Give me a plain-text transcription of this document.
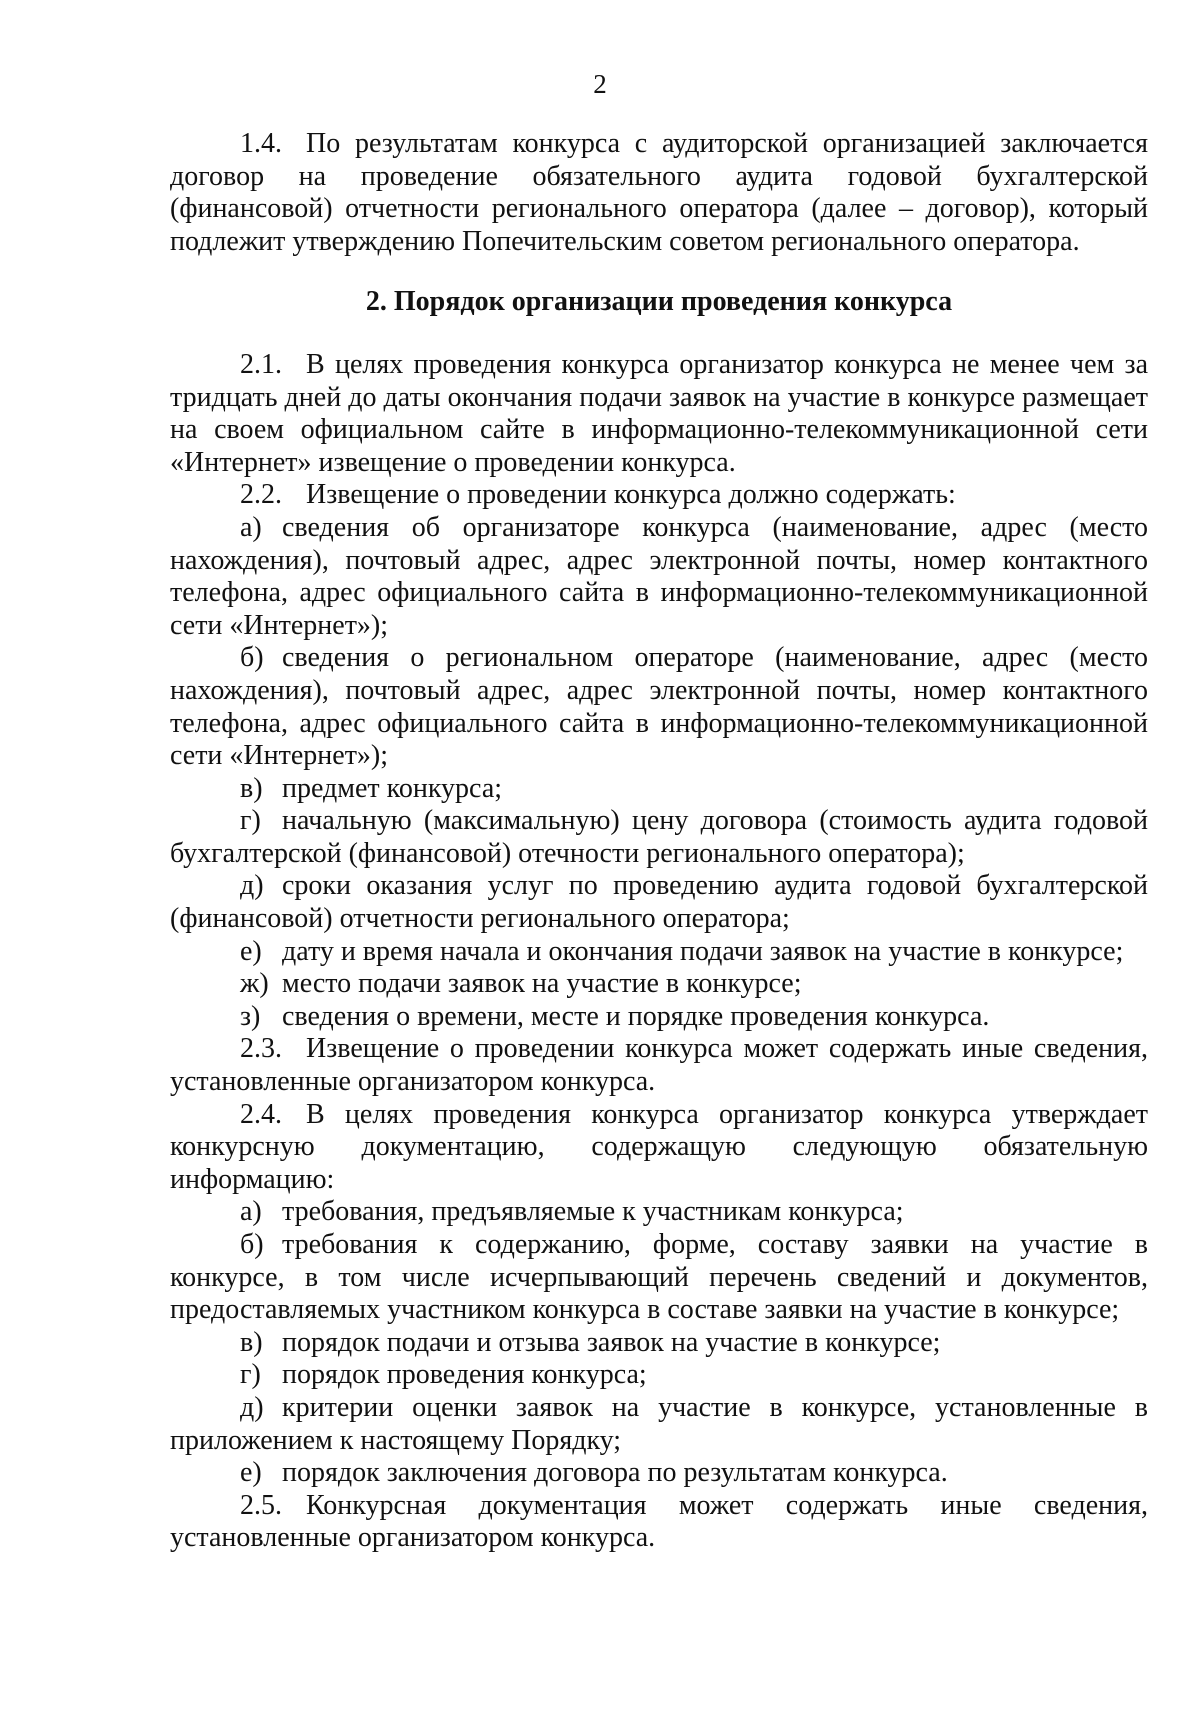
2

1.4. По результатам конкурса с аудиторской организацией заключается договор на проведение обязательного аудита годовой бухгалтерской (финансовой) отчетности регионального оператора (далее – договор), который подлежит утверждению Попечительским советом регионального оператора.

2. Порядок организации проведения конкурса

2.1. В целях проведения конкурса организатор конкурса не менее чем за тридцать дней до даты окончания подачи заявок на участие в конкурсе размещает на своем официальном сайте в информационно-телекоммуникационной сети «Интернет» извещение о проведении конкурса.

2.2. Извещение о проведении конкурса должно содержать:

а) сведения об организаторе конкурса (наименование, адрес (место нахождения), почтовый адрес, адрес электронной почты, номер контактного телефона, адрес официального сайта в информационно-телекоммуникационной сети «Интернет»);

б) сведения о региональном операторе (наименование, адрес (место нахождения), почтовый адрес, адрес электронной почты, номер контактного телефона, адрес официального сайта в информационно-телекоммуникационной сети «Интернет»);

в) предмет конкурса;

г) начальную (максимальную) цену договора (стоимость аудита годовой бухгалтерской (финансовой) отечности регионального оператора);

д) сроки оказания услуг по проведению аудита годовой бухгалтерской (финансовой) отчетности регионального оператора;

е) дату и время начала и окончания подачи заявок на участие в конкурсе;

ж) место подачи заявок на участие в конкурсе;

з) сведения о времени, месте и порядке проведения конкурса.

2.3. Извещение о проведении конкурса может содержать иные сведения, установленные организатором конкурса.

2.4. В целях проведения конкурса организатор конкурса утверждает конкурсную документацию, содержащую следующую обязательную информацию:

а) требования, предъявляемые к участникам конкурса;

б) требования к содержанию, форме, составу заявки на участие в конкурсе, в том числе исчерпывающий перечень сведений и документов, предоставляемых участником конкурса в составе заявки на участие в конкурсе;

в) порядок подачи и отзыва заявок на участие в конкурсе;

г) порядок проведения конкурса;

д) критерии оценки заявок на участие в конкурсе, установленные в приложением к настоящему Порядку;

е) порядок заключения договора по результатам конкурса.

2.5. Конкурсная документация может содержать иные сведения, установленные организатором конкурса.
